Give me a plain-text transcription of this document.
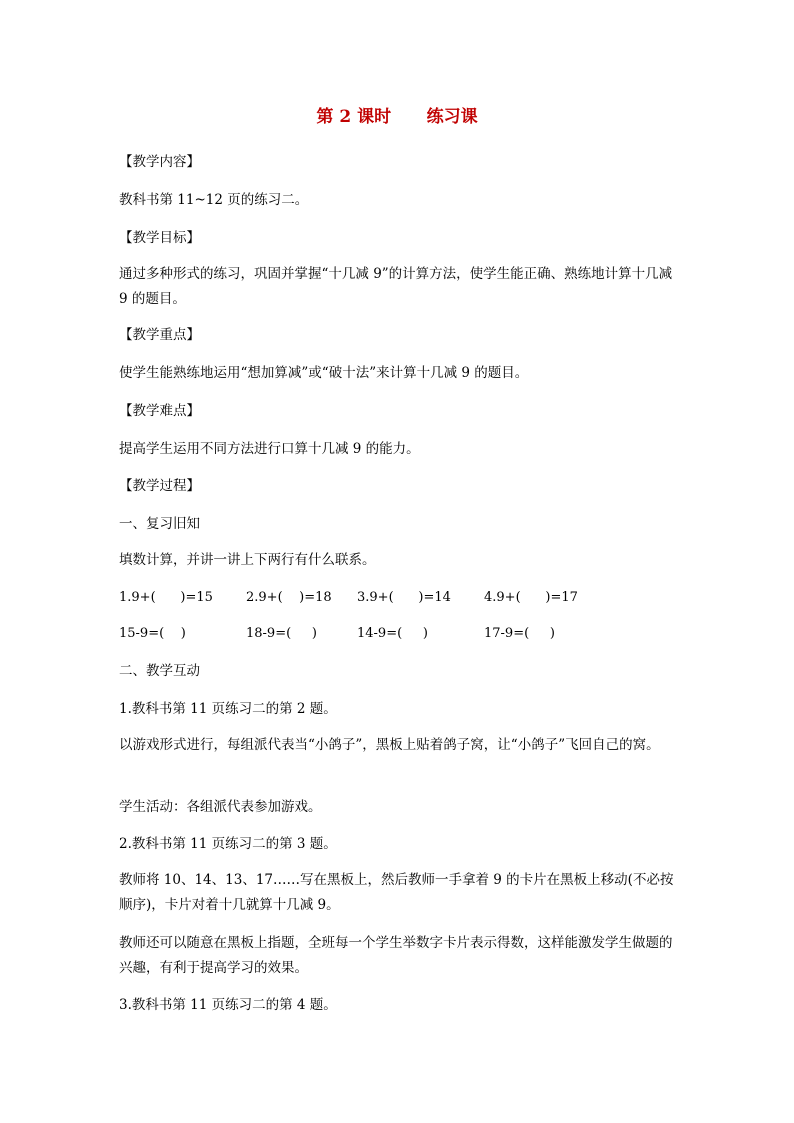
第 2 课时      练习课
【教学内容】
教科书第 11~12 页的练习二。
【教学目标】
通过多种形式的练习，巩固并掌握“十几减 9”的计算方法，使学生能正确、熟练地计算十几减 9 的题目。
【教学重点】
使学生能熟练地运用“想加算减”或“破十法”来计算十几减 9 的题目。
【教学难点】
提高学生运用不同方法进行口算十几减 9 的能力。
【教学过程】
一、复习旧知
填数计算，并讲一讲上下两行有什么联系。
1.9+(      )=15	2.9+(    )=18 3.9+(      )=14	4.9+(      )=17
15-9=(    )	18-9=(     )	14-9=(     )	17-9=(     )
二、教学互动
1.教科书第 11 页练习二的第 2 题。
以游戏形式进行，每组派代表当“小鸽子”，黑板上贴着鸽子窝，让“小鸽子”飞回自己的窝。
学生活动：各组派代表参加游戏。
2.教科书第 11 页练习二的第 3 题。
教师将 10、14、13、17……写在黑板上，然后教师一手拿着 9 的卡片在黑板上移动(不必按顺序)，卡片对着十几就算十几减 9。
教师还可以随意在黑板上指题，全班每一个学生举数字卡片表示得数，这样能激发学生做题的兴趣，有利于提高学习的效果。
3.教科书第 11 页练习二的第 4 题。
